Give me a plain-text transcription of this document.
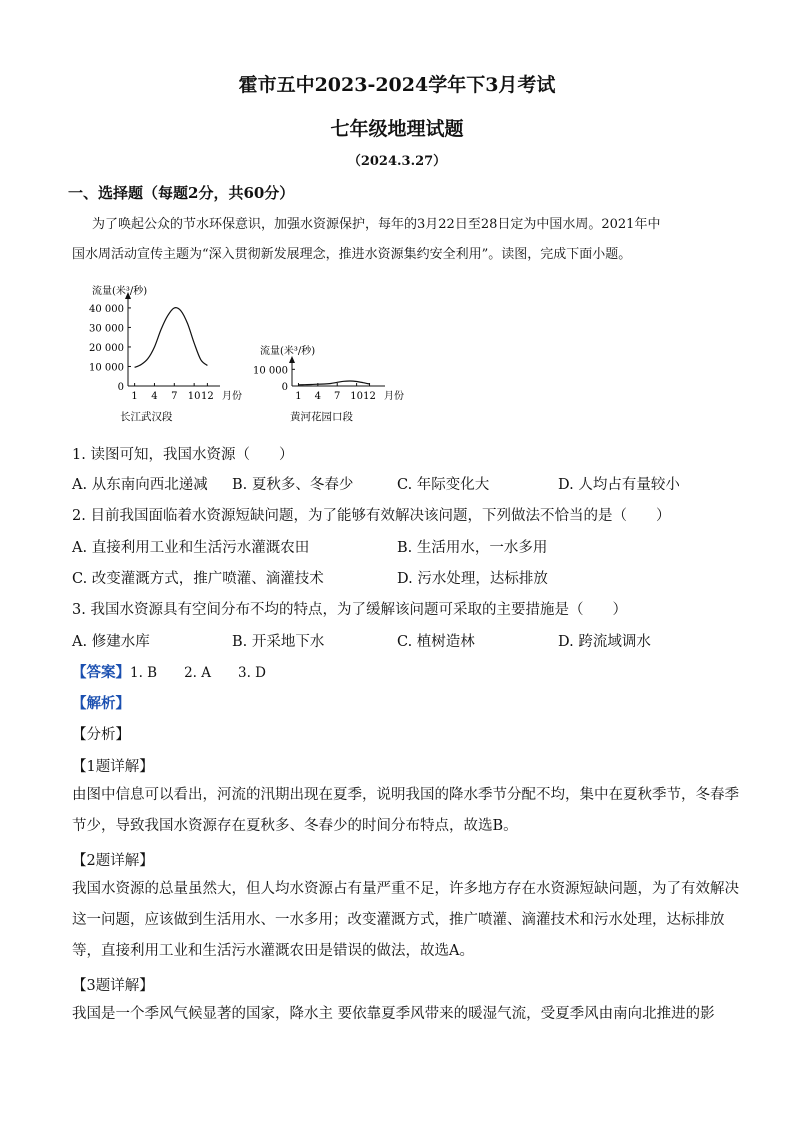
霍市五中2023-2024学年下3月考试
七年级地理试题
（2024.3.27）
一、选择题（每题2分，共60分）
为了唤起公众的节水环保意识，加强水资源保护，每年的3月22日至28日定为中国水周。2021年中
国水周活动宣传主题为“深入贯彻新发展理念，推进水资源集约安全利用”。读图，完成下面小题。
流量(米³/秒)
长江武汉段
0
10 000
20 000
30 000
40 000
1 4 7 10 12 月份
流量(米³/秒)
黄河花园口段
0
10 000
1 4 7 10 12 月份
1. 读图可知，我国水资源（　　）
A. 从东南向西北递减 B. 夏秋多、冬春少	C. 年际变化大	D. 人均占有量较小
2. 目前我国面临着水资源短缺问题，为了能够有效解决该问题，下列做法不恰当的是（　　）
A. 直接利用工业和生活污水灌溉农田	B. 生活用水，一水多用
C. 改变灌溉方式，推广喷灌、滴灌技术	D. 污水处理，达标排放
3. 我国水资源具有空间分布不均的特点，为了缓解该问题可采取的主要措施是（　　）
A. 修建水库	B. 开采地下水	C. 植树造林	D. 跨流域调水
【答案】1. B　　2. A　　3. D
【解析】
【分析】
【1题详解】
由图中信息可以看出，河流的汛期出现在夏季，说明我国的降水季节分配不均，集中在夏秋季节，冬春季
节少，导致我国水资源存在夏秋多、冬春少的时间分布特点，故选B。
【2题详解】
我国水资源的总量虽然大，但人均水资源占有量严重不足，许多地方存在水资源短缺问题，为了有效解决
这一问题，应该做到生活用水、一水多用；改变灌溉方式，推广喷灌、滴灌技术和污水处理，达标排放
等，直接利用工业和生活污水灌溉农田是错误的做法，故选A。
【3题详解】
我国是一个季风气候显著的国家，降水主 要依靠夏季风带来的暖湿气流，受夏季风由南向北推进的影
